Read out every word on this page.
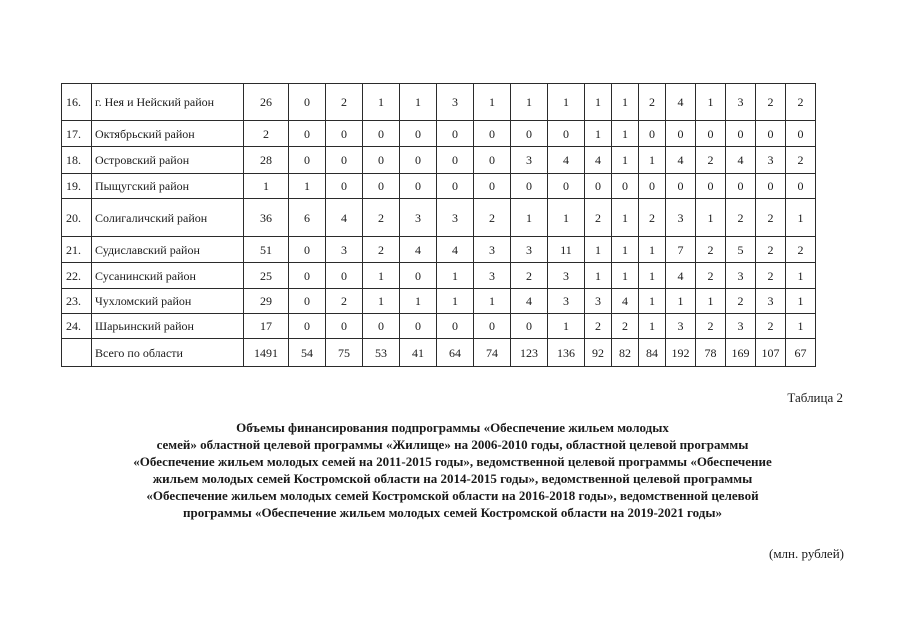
16.	г. Нея и Нейский район	26	0	2	1	1	3	1	1	1	1	1	2	4	1	3	2	2
17.	Октябрьский район	2	0	0	0	0	0	0	0	0	1	1	0	0	0	0	0	0
18.	Островский район	28	0	0	0	0	0	0	3	4	4	1	1	4	2	4	3	2
19.	Пыщугский район	1	1	0	0	0	0	0	0	0	0	0	0	0	0	0	0	0
20.	Солигаличский район	36	6	4	2	3	3	2	1	1	2	1	2	3	1	2	2	1
21.	Судиславский район	51	0	3	2	4	4	3	3	11	1	1	1	7	2	5	2	2
22.	Сусанинский район	25	0	0	1	0	1	3	2	3	1	1	1	4	2	3	2	1
23.	Чухломский район	29	0	2	1	1	1	1	4	3	3	4	1	1	1	2	3	1
24.	Шарьинский район	17	0	0	0	0	0	0	0	1	2	2	1	3	2	3	2	1
	Всего по области	1491	54	75	53	41	64	74	123	136	92	82	84	192	78	169	107	67
Таблица 2
Объемы финансирования подпрограммы «Обеспечение жильем молодых
семей» областной целевой программы «Жилище» на 2006-2010 годы, областной целевой программы
«Обеспечение жильем молодых семей на 2011-2015 годы», ведомственной целевой программы «Обеспечение
жильем молодых семей Костромской области на 2014-2015 годы», ведомственной целевой программы
«Обеспечение жильем молодых семей Костромской области на 2016-2018 годы», ведомственной целевой
программы «Обеспечение жильем молодых семей Костромской области на 2019-2021 годы»
(млн. рублей)
